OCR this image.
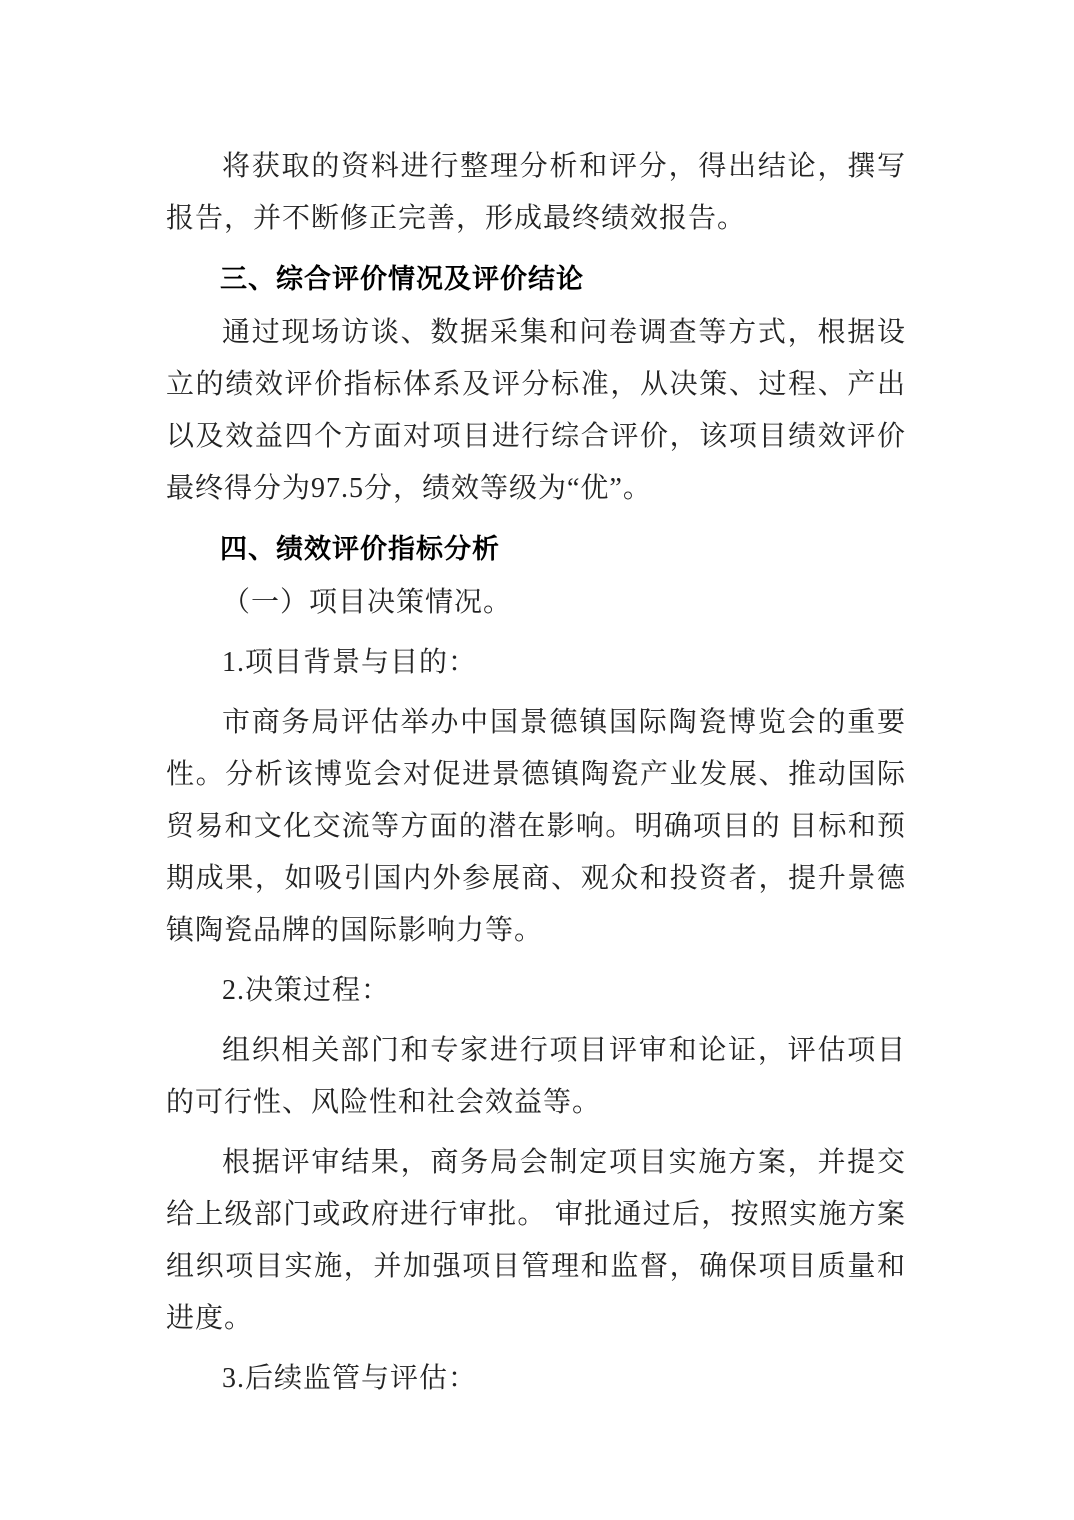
将获取的资料进行整理分析和评分，得出结论，撰写报告，并不断修正完善，形成最终绩效报告。

三、综合评价情况及评价结论

通过现场访谈、数据采集和问卷调查等方式，根据设立的绩效评价指标体系及评分标准，从决策、过程、产出以及效益四个方面对项目进行综合评价，该项目绩效评价最终得分为97.5分，绩效等级为“优”。

四、绩效评价指标分析

（一）项目决策情况。

1.项目背景与目的：

市商务局评估举办中国景德镇国际陶瓷博览会的重要性。分析该博览会对促进景德镇陶瓷产业发展、推动国际贸易和文化交流等方面的潜在影响。明确项目的 目标和预期成果，如吸引国内外参展商、观众和投资者，提升景德镇陶瓷品牌的国际影响力等。

2.决策过程：

组织相关部门和专家进行项目评审和论证，评估项目的可行性、风险性和社会效益等。

根据评审结果，商务局会制定项目实施方案，并提交给上级部门或政府进行审批。 审批通过后，按照实施方案组织项目实施，并加强项目管理和监督，确保项目质量和进度。

3.后续监管与评估：
